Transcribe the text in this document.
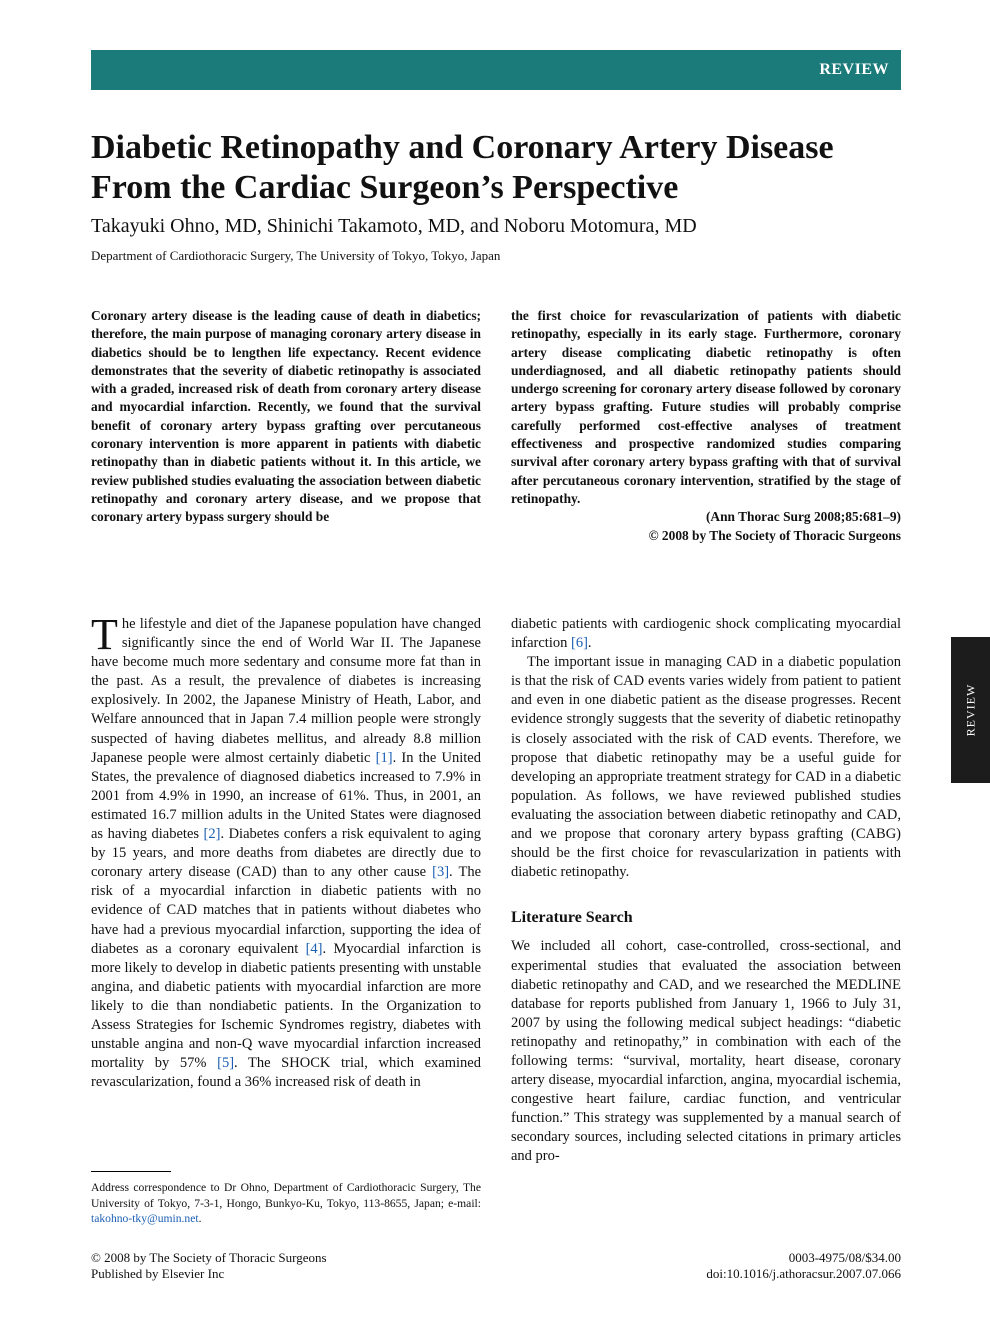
REVIEW
Diabetic Retinopathy and Coronary Artery Disease
From the Cardiac Surgeon’s Perspective
Takayuki Ohno, MD, Shinichi Takamoto, MD, and Noboru Motomura, MD
Department of Cardiothoracic Surgery, The University of Tokyo, Tokyo, Japan
Coronary artery disease is the leading cause of death in diabetics; therefore, the main purpose of managing coronary artery disease in diabetics should be to lengthen life expectancy. Recent evidence demonstrates that the severity of diabetic retinopathy is associated with a graded, increased risk of death from coronary artery disease and myocardial infarction. Recently, we found that the survival benefit of coronary artery bypass grafting over percutaneous coronary intervention is more apparent in patients with diabetic retinopathy than in diabetic patients without it. In this article, we review published studies evaluating the association between diabetic retinopathy and coronary artery disease, and we propose that coronary artery bypass surgery should be
the first choice for revascularization of patients with diabetic retinopathy, especially in its early stage. Furthermore, coronary artery disease complicating diabetic retinopathy is often underdiagnosed, and all diabetic retinopathy patients should undergo screening for coronary artery disease followed by coronary artery bypass grafting. Future studies will probably comprise carefully performed cost-effective analyses of treatment effectiveness and prospective randomized studies comparing survival after coronary artery bypass grafting with that of survival after percutaneous coronary intervention, stratified by the stage of retinopathy.
(Ann Thorac Surg 2008;85:681–9)
© 2008 by The Society of Thoracic Surgeons

The lifestyle and diet of the Japanese population have changed significantly since the end of World War II. The Japanese have become much more sedentary and consume more fat than in the past. As a result, the prevalence of diabetes is increasing explosively. In 2002, the Japanese Ministry of Heath, Labor, and Welfare announced that in Japan 7.4 million people were strongly suspected of having diabetes mellitus, and already 8.8 million Japanese people were almost certainly diabetic [1]. In the United States, the prevalence of diagnosed diabetics increased to 7.9% in 2001 from 4.9% in 1990, an increase of 61%. Thus, in 2001, an estimated 16.7 million adults in the United States were diagnosed as having diabetes [2]. Diabetes confers a risk equivalent to aging by 15 years, and more deaths from diabetes are directly due to coronary artery disease (CAD) than to any other cause [3]. The risk of a myocardial infarction in diabetic patients with no evidence of CAD matches that in patients without diabetes who have had a previous myocardial infarction, supporting the idea of diabetes as a coronary equivalent [4]. Myocardial infarction is more likely to develop in diabetic patients presenting with unstable angina, and diabetic patients with myocardial infarction are more likely to die than nondiabetic patients. In the Organization to Assess Strategies for Ischemic Syndromes registry, diabetes with unstable angina and non-Q wave myocardial infarction increased mortality by 57% [5]. The SHOCK trial, which examined revascularization, found a 36% increased risk of death in

diabetic patients with cardiogenic shock complicating myocardial infarction [6].

The important issue in managing CAD in a diabetic population is that the risk of CAD events varies widely from patient to patient and even in one diabetic patient as the disease progresses. Recent evidence strongly suggests that the severity of diabetic retinopathy is closely associated with the risk of CAD events. Therefore, we propose that diabetic retinopathy may be a useful guide for developing an appropriate treatment strategy for CAD in a diabetic population. As follows, we have reviewed published studies evaluating the association between diabetic retinopathy and CAD, and we propose that coronary artery bypass grafting (CABG) should be the first choice for revascularization in patients with diabetic retinopathy.

Literature Search

We included all cohort, case-controlled, cross-sectional, and experimental studies that evaluated the association between diabetic retinopathy and CAD, and we researched the MEDLINE database for reports published from January 1, 1966 to July 31, 2007 by using the following medical subject headings: “diabetic retinopathy and retinopathy,” in combination with each of the following terms: “survival, mortality, heart disease, coronary artery disease, myocardial infarction, angina, myocardial ischemia, congestive heart failure, cardiac function, and ventricular function.” This strategy was supplemented by a manual search of secondary sources, including selected citations in primary articles and pro-

Address correspondence to Dr Ohno, Department of Cardiothoracic Surgery, The University of Tokyo, 7-3-1, Hongo, Bunkyo-Ku, Tokyo, 113-8655, Japan; e-mail: takohno-tky@umin.net.
© 2008 by The Society of Thoracic Surgeons
Published by Elsevier Inc
0003-4975/08/$34.00
doi:10.1016/j.athoracsur.2007.07.066
REVIEW
